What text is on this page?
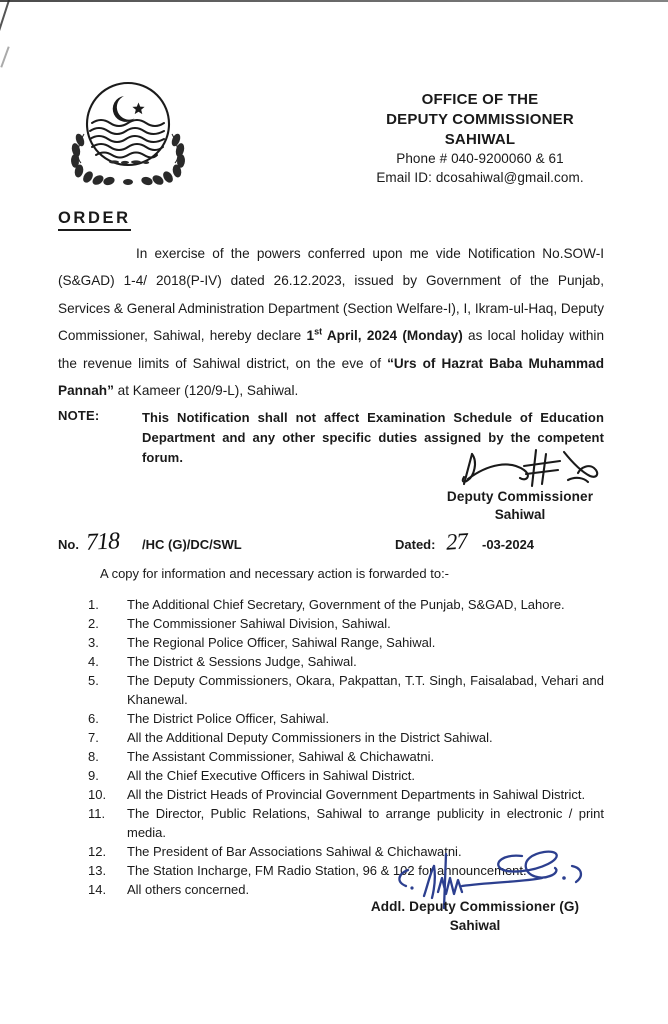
OFFICE OF THE
DEPUTY COMMISSIONER
SAHIWAL
Phone # 040-9200060 & 61
Email ID: dcosahiwal@gmail.com.
ORDER
In exercise of the powers conferred upon me vide Notification No.SOW-I (S&GAD) 1-4/ 2018(P-IV) dated 26.12.2023, issued by Government of the Punjab, Services & General Administration Department (Section Welfare-I), I, Ikram-ul-Haq, Deputy Commissioner, Sahiwal, hereby declare 1st April, 2024 (Monday) as local holiday within the revenue limits of Sahiwal district, on the eve of “Urs of Hazrat Baba Muhammad Pannah” at Kameer (120/9-L), Sahiwal.
NOTE:	This Notification shall not affect Examination Schedule of Education Department and any other specific duties assigned by the competent forum.
Deputy Commissioner
Sahiwal
No. 718 /HC (G)/DC/SWL	Dated: 27 -03-2024
A copy for information and necessary action is forwarded to:-
1.	The Additional Chief Secretary, Government of the Punjab, S&GAD, Lahore.
2.	The Commissioner Sahiwal Division, Sahiwal.
3.	The Regional Police Officer, Sahiwal Range, Sahiwal.
4.	The District & Sessions Judge, Sahiwal.
5.	The Deputy Commissioners, Okara, Pakpattan, T.T. Singh, Faisalabad, Vehari and Khanewal.
6.	The District Police Officer, Sahiwal.
7.	All the Additional Deputy Commissioners in the District Sahiwal.
8.	The Assistant Commissioner, Sahiwal & Chichawatni.
9.	All the Chief Executive Officers in Sahiwal District.
10.	All the District Heads of Provincial Government Departments in Sahiwal District.
11.	The Director, Public Relations, Sahiwal to arrange publicity in electronic / print media.
12.	The President of Bar Associations Sahiwal & Chichawatni.
13.	The Station Incharge, FM Radio Station, 96 & 102 for announcement.
14.	All others concerned.
Addl. Deputy Commissioner (G)
Sahiwal
